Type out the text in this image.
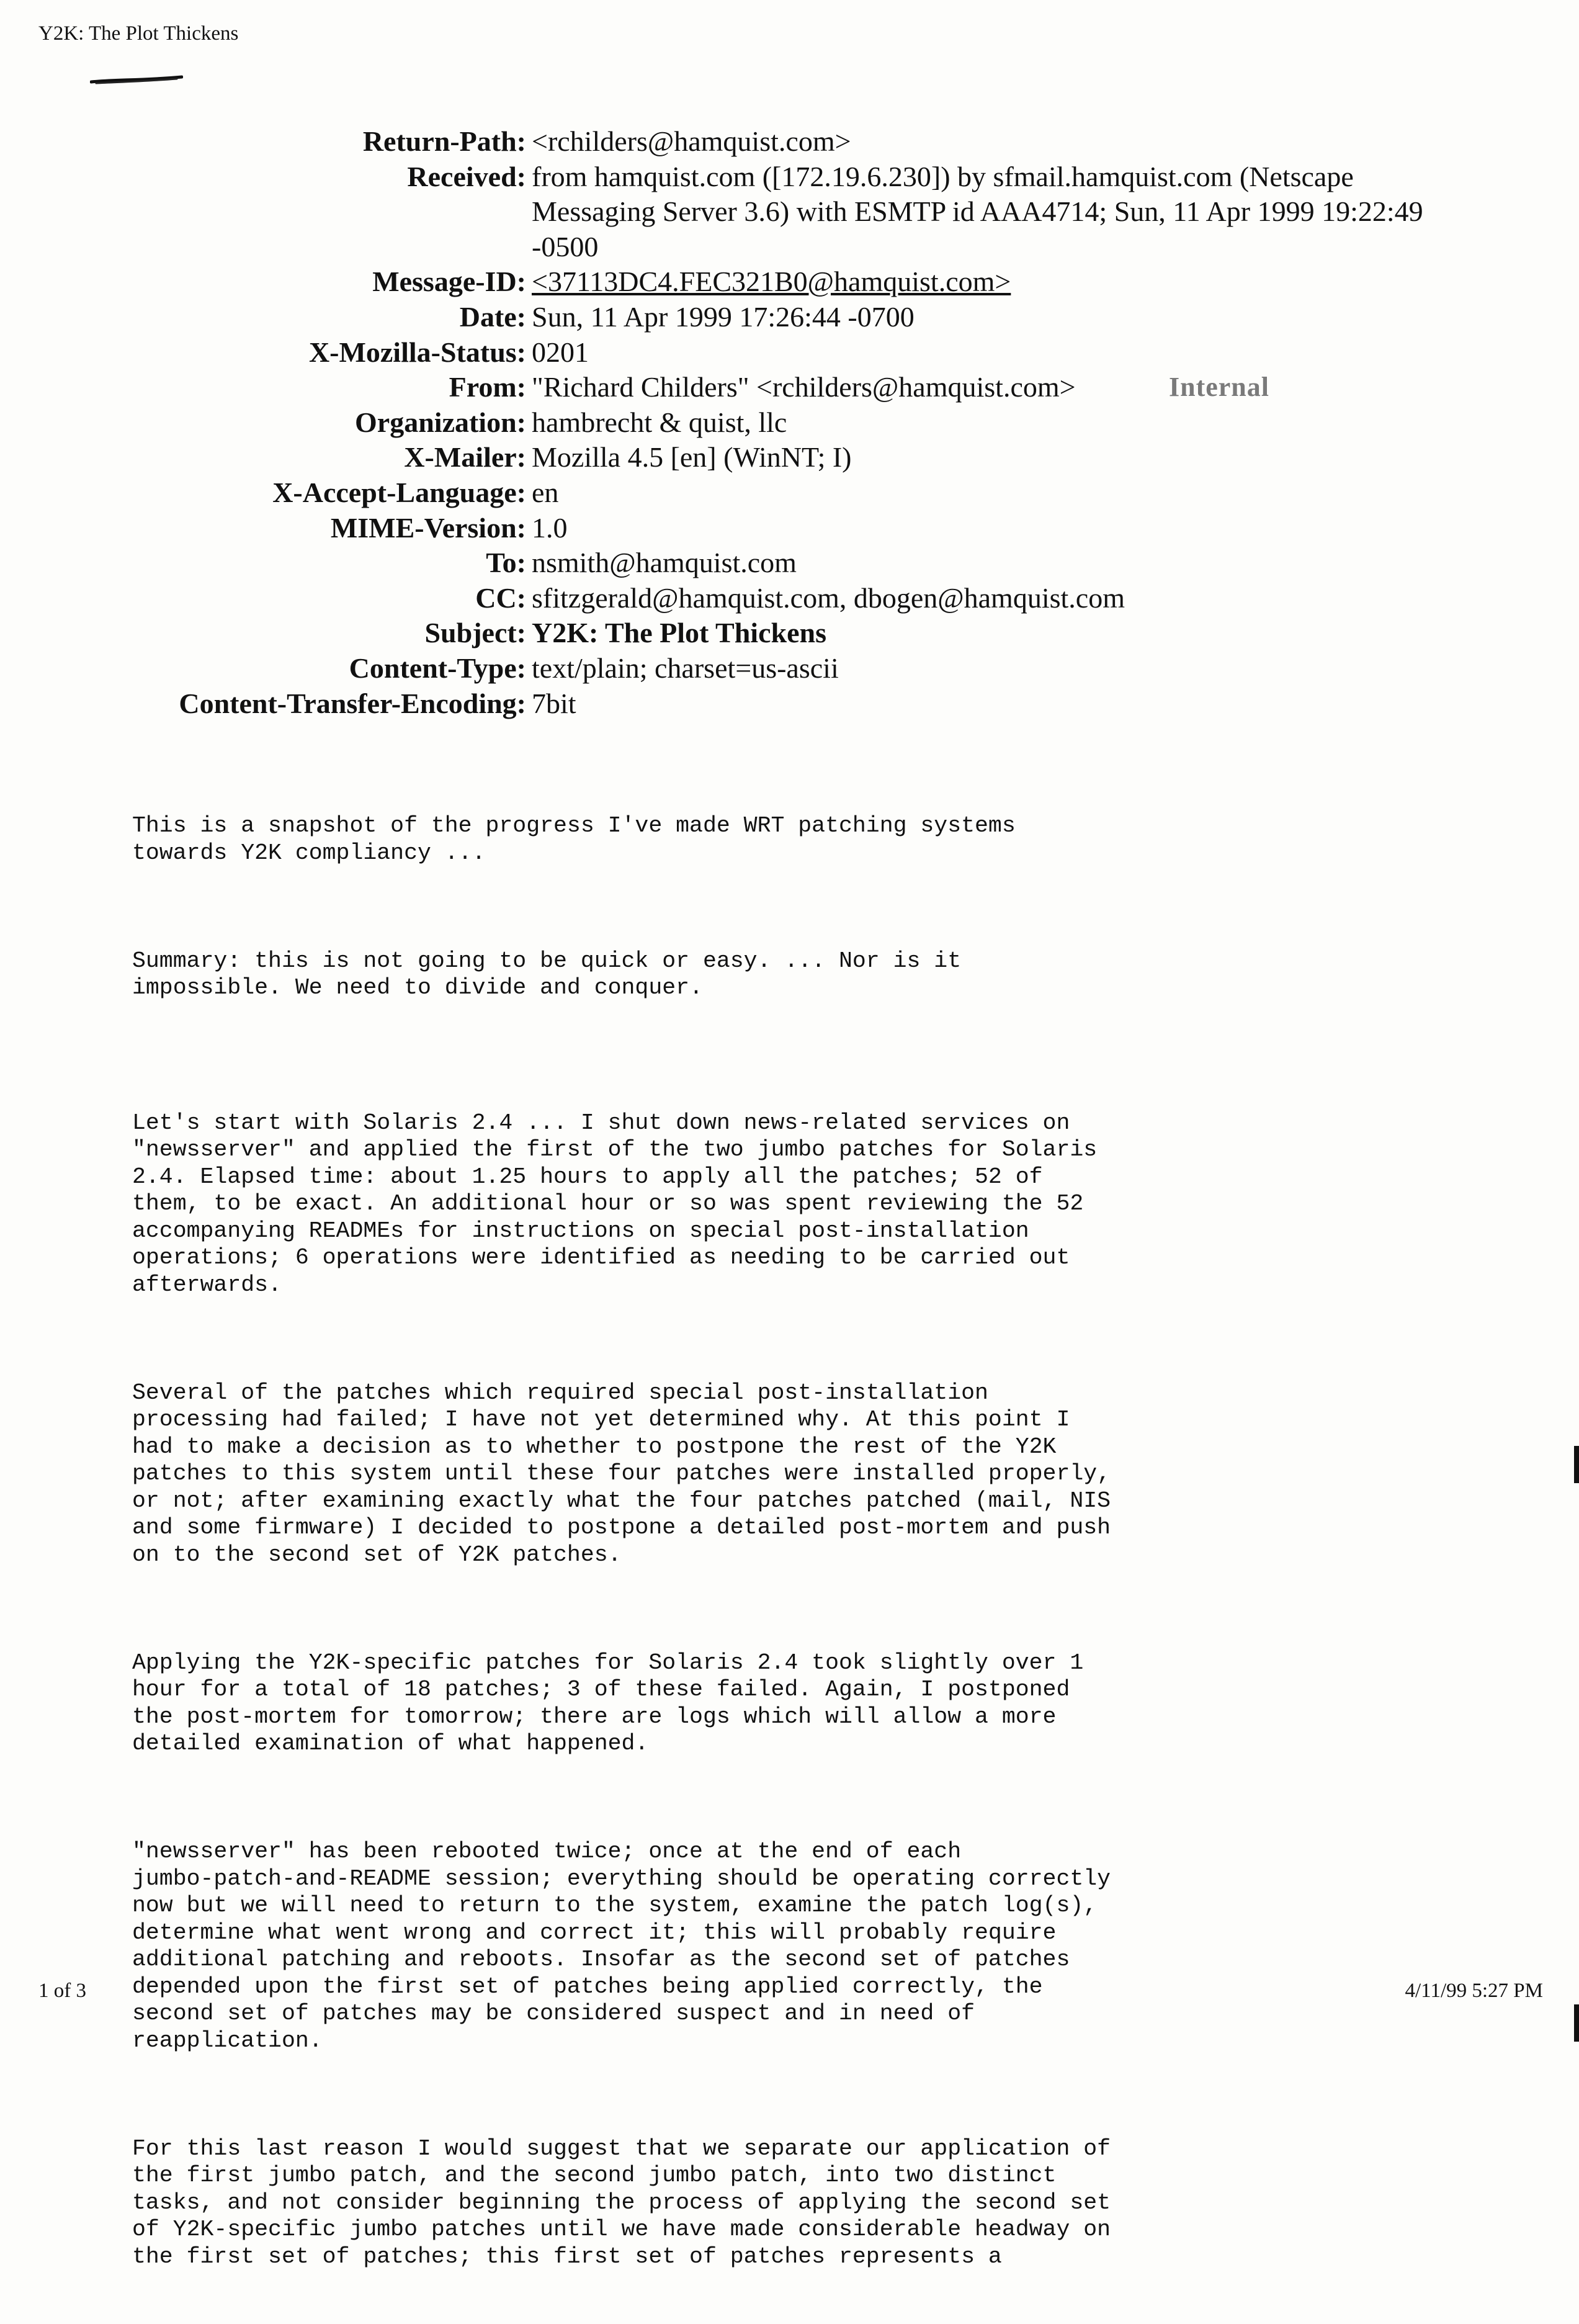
Y2K: The Plot Thickens
Return-Path: <rchilders@hamquist.com>
Received: from hamquist.com ([172.19.6.230]) by sfmail.hamquist.com (Netscape Messaging Server 3.6) with ESMTP id AAA4714; Sun, 11 Apr 1999 19:22:49 -0500
Message-ID: <37113DC4.FEC321B0@hamquist.com>
Date: Sun, 11 Apr 1999 17:26:44 -0700
X-Mozilla-Status: 0201
From: "Richard Childers" <rchilders@hamquist.com>	Internal
Organization: hambrecht & quist, llc
X-Mailer: Mozilla 4.5 [en] (WinNT; I)
X-Accept-Language: en
MIME-Version: 1.0
To: nsmith@hamquist.com
CC: sfitzgerald@hamquist.com, dbogen@hamquist.com
Subject: Y2K: The Plot Thickens
Content-Type: text/plain; charset=us-ascii
Content-Transfer-Encoding: 7bit

This is a snapshot of the progress I've made WRT patching systems
towards Y2K compliancy ...

Summary: this is not going to be quick or easy. ... Nor is it
impossible. We need to divide and conquer.

Let's start with Solaris 2.4 ... I shut down news-related services on
"newsserver" and applied the first of the two jumbo patches for Solaris
2.4. Elapsed time: about 1.25 hours to apply all the patches; 52 of
them, to be exact. An additional hour or so was spent reviewing the 52
accompanying READMEs for instructions on special post-installation
operations; 6 operations were identified as needing to be carried out
afterwards.

Several of the patches which required special post-installation
processing had failed; I have not yet determined why. At this point I
had to make a decision as to whether to postpone the rest of the Y2K
patches to this system until these four patches were installed properly,
or not; after examining exactly what the four patches patched (mail, NIS
and some firmware) I decided to postpone a detailed post-mortem and push
on to the second set of Y2K patches.

Applying the Y2K-specific patches for Solaris 2.4 took slightly over 1
hour for a total of 18 patches; 3 of these failed. Again, I postponed
the post-mortem for tomorrow; there are logs which will allow a more
detailed examination of what happened.

"newsserver" has been rebooted twice; once at the end of each
jumbo-patch-and-README session; everything should be operating correctly
now but we will need to return to the system, examine the patch log(s),
determine what went wrong and correct it; this will probably require
additional patching and reboots. Insofar as the second set of patches
depended upon the first set of patches being applied correctly, the
second set of patches may be considered suspect and in need of
reapplication.

For this last reason I would suggest that we separate our application of
the first jumbo patch, and the second jumbo patch, into two distinct
tasks, and not consider beginning the process of applying the second set
of Y2K-specific jumbo patches until we have made considerable headway on
the first set of patches; this first set of patches represents a

1 of 3	4/11/99 5:27 PM
